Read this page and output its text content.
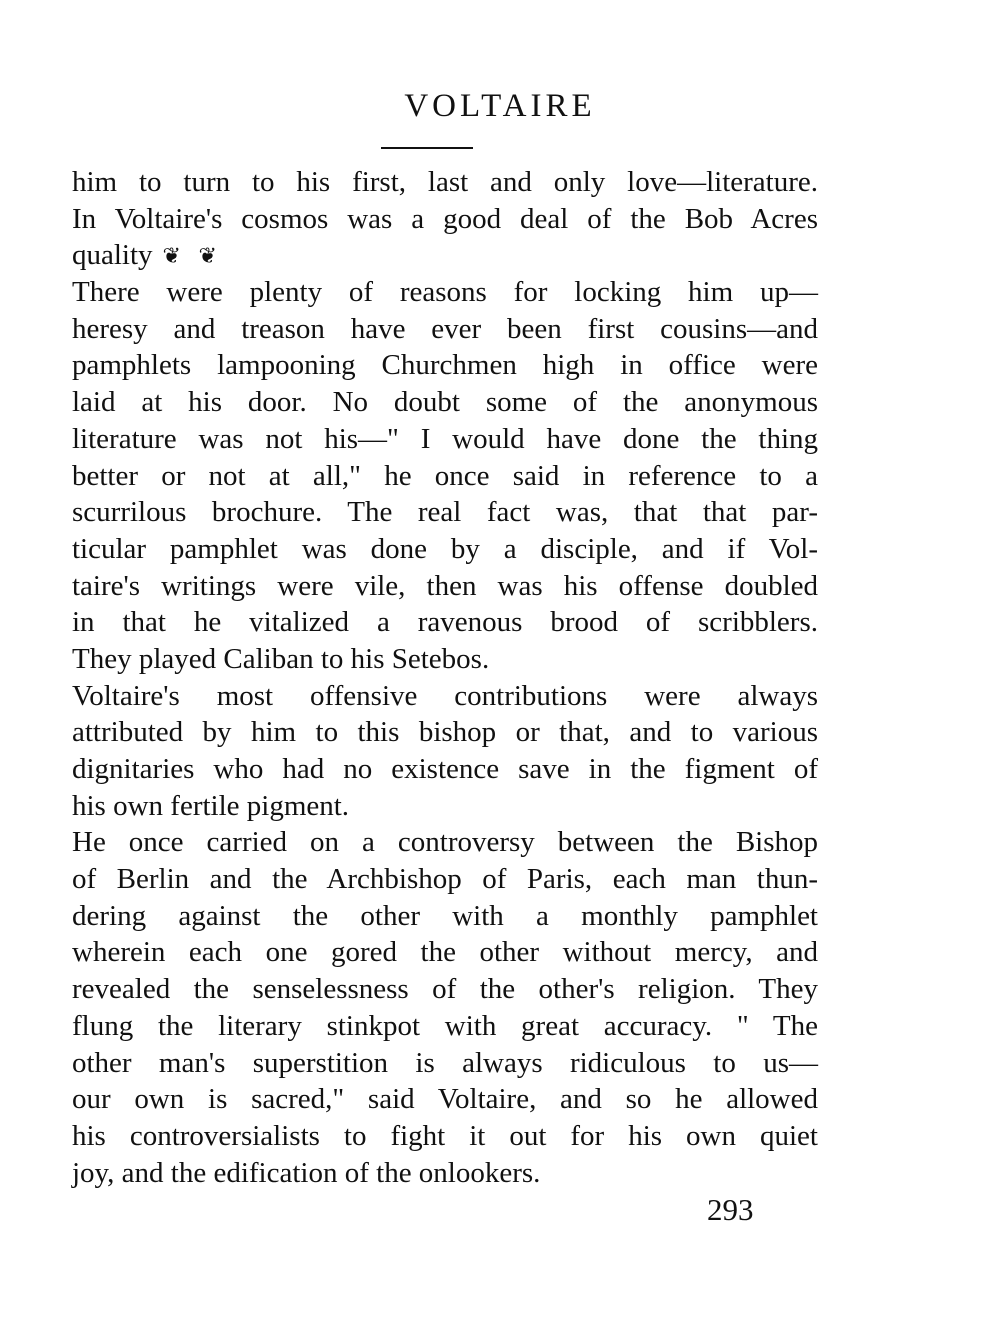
VOLTAIRE
him to turn to his first, last and only love—literature.
In Voltaire's cosmos was a good deal of the Bob Acres
quality ❦ ❦
There were plenty of reasons for locking him up—
heresy and treason have ever been first cousins—and
pamphlets lampooning Churchmen high in office were
laid at his door. No doubt some of the anonymous
literature was not his—" I would have done the thing
better or not at all," he once said in reference to a
scurrilous brochure. The real fact was, that that par-
ticular pamphlet was done by a disciple, and if Vol-
taire's writings were vile, then was his offense doubled
in that he vitalized a ravenous brood of scribblers.
They played Caliban to his Setebos.
Voltaire's most offensive contributions were always
attributed by him to this bishop or that, and to various
dignitaries who had no existence save in the figment of
his own fertile pigment.
He once carried on a controversy between the Bishop
of Berlin and the Archbishop of Paris, each man thun-
dering against the other with a monthly pamphlet
wherein each one gored the other without mercy, and
revealed the senselessness of the other's religion. They
flung the literary stinkpot with great accuracy. " The
other man's superstition is always ridiculous to us—
our own is sacred," said Voltaire, and so he allowed
his controversialists to fight it out for his own quiet
joy, and the edification of the onlookers.
293
